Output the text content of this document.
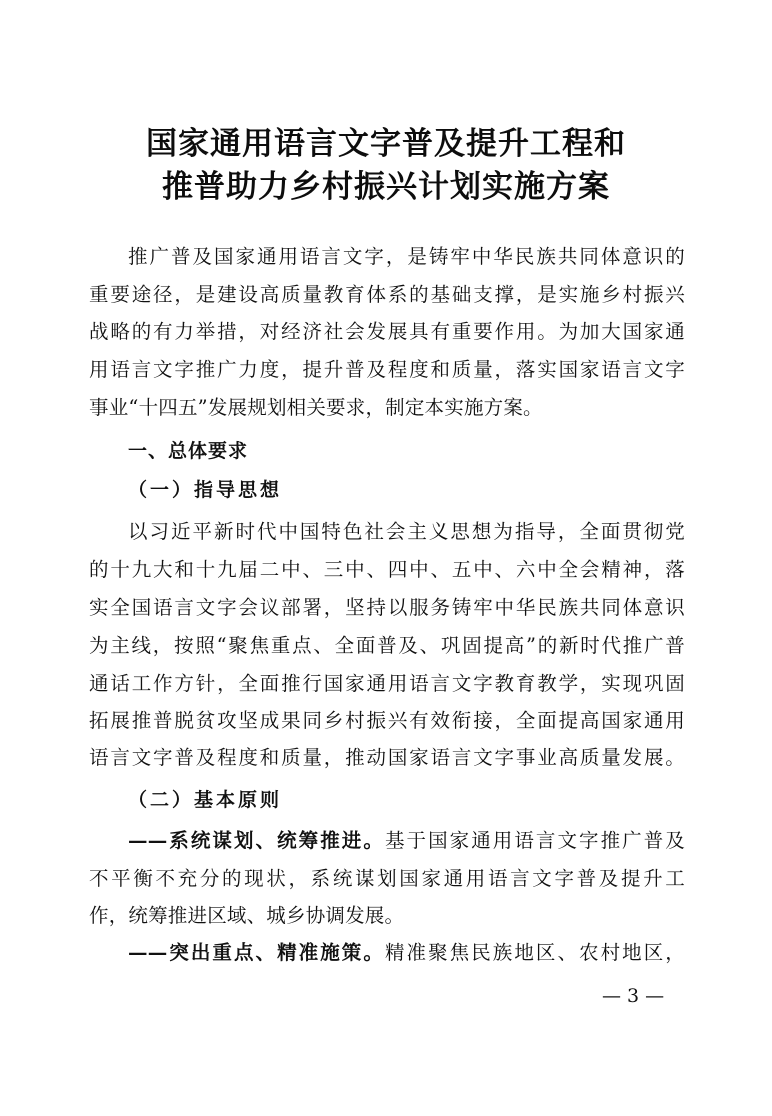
国家通用语言文字普及提升工程和
推普助力乡村振兴计划实施方案
推广普及国家通用语言文字，是铸牢中华民族共同体意识的
重要途径，是建设高质量教育体系的基础支撑，是实施乡村振兴
战略的有力举措，对经济社会发展具有重要作用。为加大国家通
用语言文字推广力度，提升普及程度和质量，落实国家语言文字
事业“十四五”发展规划相关要求，制定本实施方案。
一、总体要求
（一）指导思想
以习近平新时代中国特色社会主义思想为指导，全面贯彻党
的十九大和十九届二中、三中、四中、五中、六中全会精神，落
实全国语言文字会议部署，坚持以服务铸牢中华民族共同体意识
为主线，按照“聚焦重点、全面普及、巩固提高”的新时代推广普
通话工作方针，全面推行国家通用语言文字教育教学，实现巩固
拓展推普脱贫攻坚成果同乡村振兴有效衔接，全面提高国家通用
语言文字普及程度和质量，推动国家语言文字事业高质量发展。
（二）基本原则
——系统谋划、统筹推进。基于国家通用语言文字推广普及
不平衡不充分的现状，系统谋划国家通用语言文字普及提升工
作，统筹推进区域、城乡协调发展。
——突出重点、精准施策。精准聚焦民族地区、农村地区，
— 3 —
